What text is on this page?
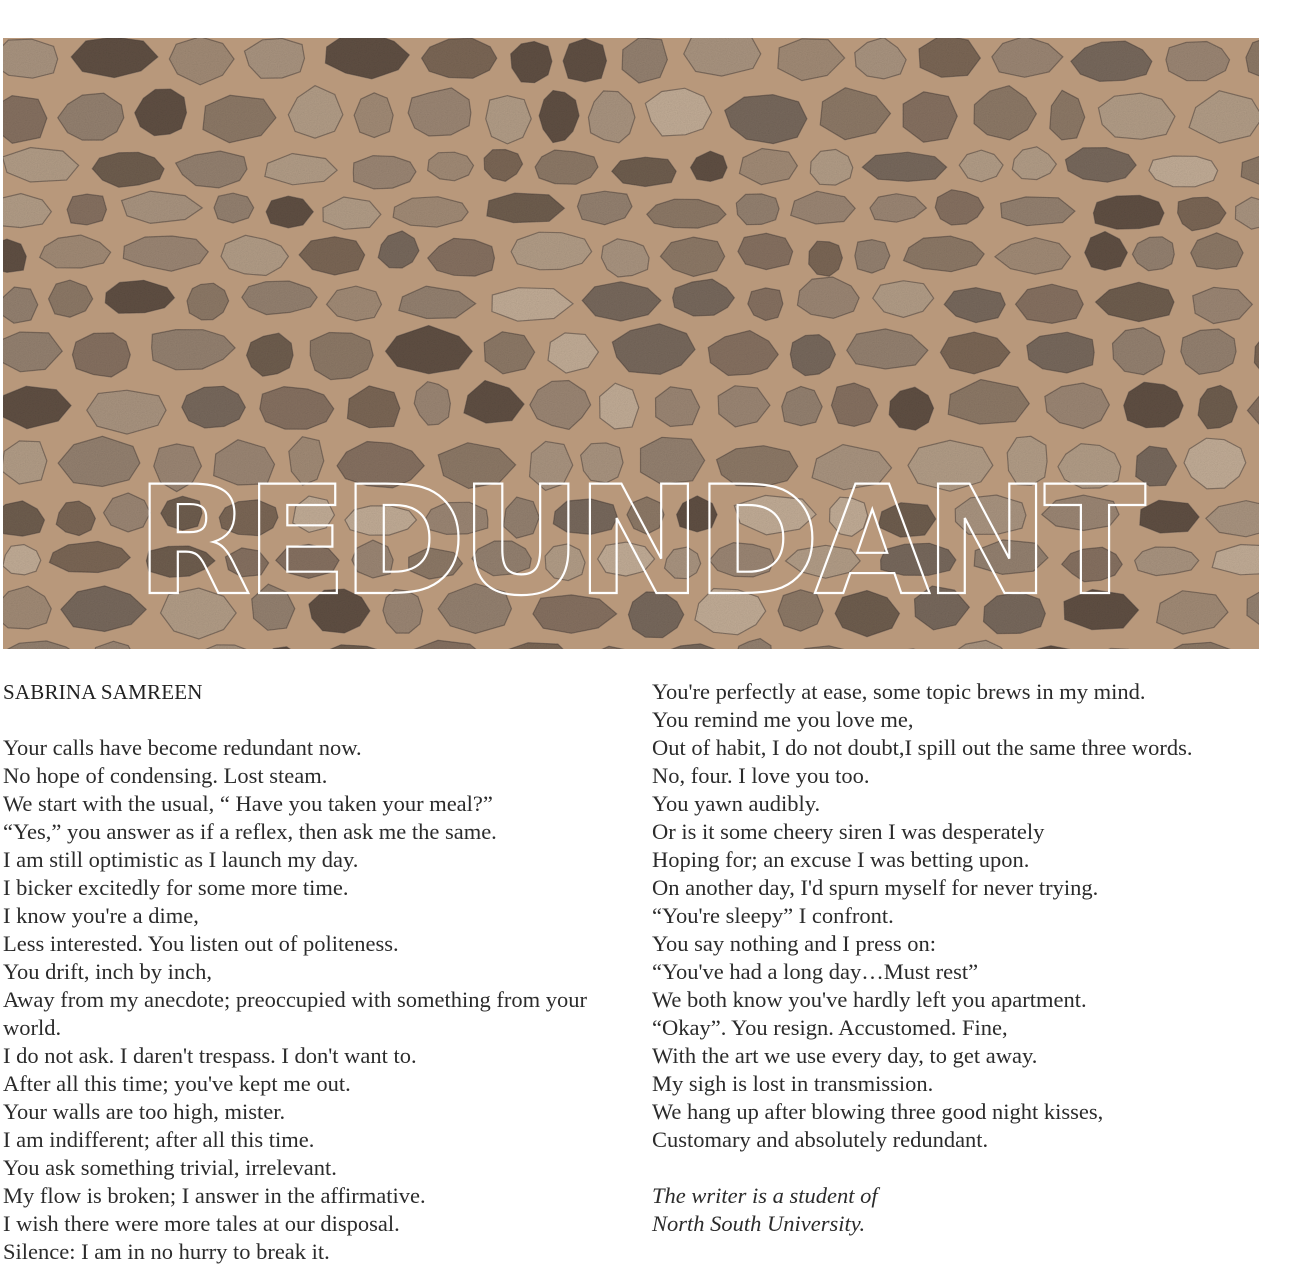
REDUNDANT
SABRINA SAMREEN
Your calls have become redundant now.
No hope of condensing. Lost steam.
We start with the usual, “ Have you taken your meal?”
“Yes,” you answer as if a reflex, then ask me the same.
I am still optimistic as I launch my day.
I bicker excitedly for some more time.
I know you're a dime,
Less interested. You listen out of politeness.
You drift, inch by inch,
Away from my anecdote; preoccupied with something from your world.
I do not ask. I daren't trespass. I don't want to.
After all this time; you've kept me out.
Your walls are too high, mister.
I am indifferent; after all this time.
You ask something trivial, irrelevant.
My flow is broken; I answer in the affirmative.
I wish there were more tales at our disposal.
Silence: I am in no hurry to break it.
You're perfectly at ease, some topic brews in my mind.
You remind me you love me,
Out of habit, I do not doubt,I spill out the same three words.
No, four. I love you too.
You yawn audibly.
Or is it some cheery siren I was desperately
Hoping for; an excuse I was betting upon.
On another day, I'd spurn myself for never trying.
“You're sleepy” I confront.
You say nothing and I press on:
“You've had a long day…Must rest”
We both know you've hardly left you apartment.
“Okay”. You resign. Accustomed. Fine,
With the art we use every day, to get away.
My sigh is lost in transmission.
We hang up after blowing three good night kisses,
Customary and absolutely redundant.
The writer is a student of
North South University.
